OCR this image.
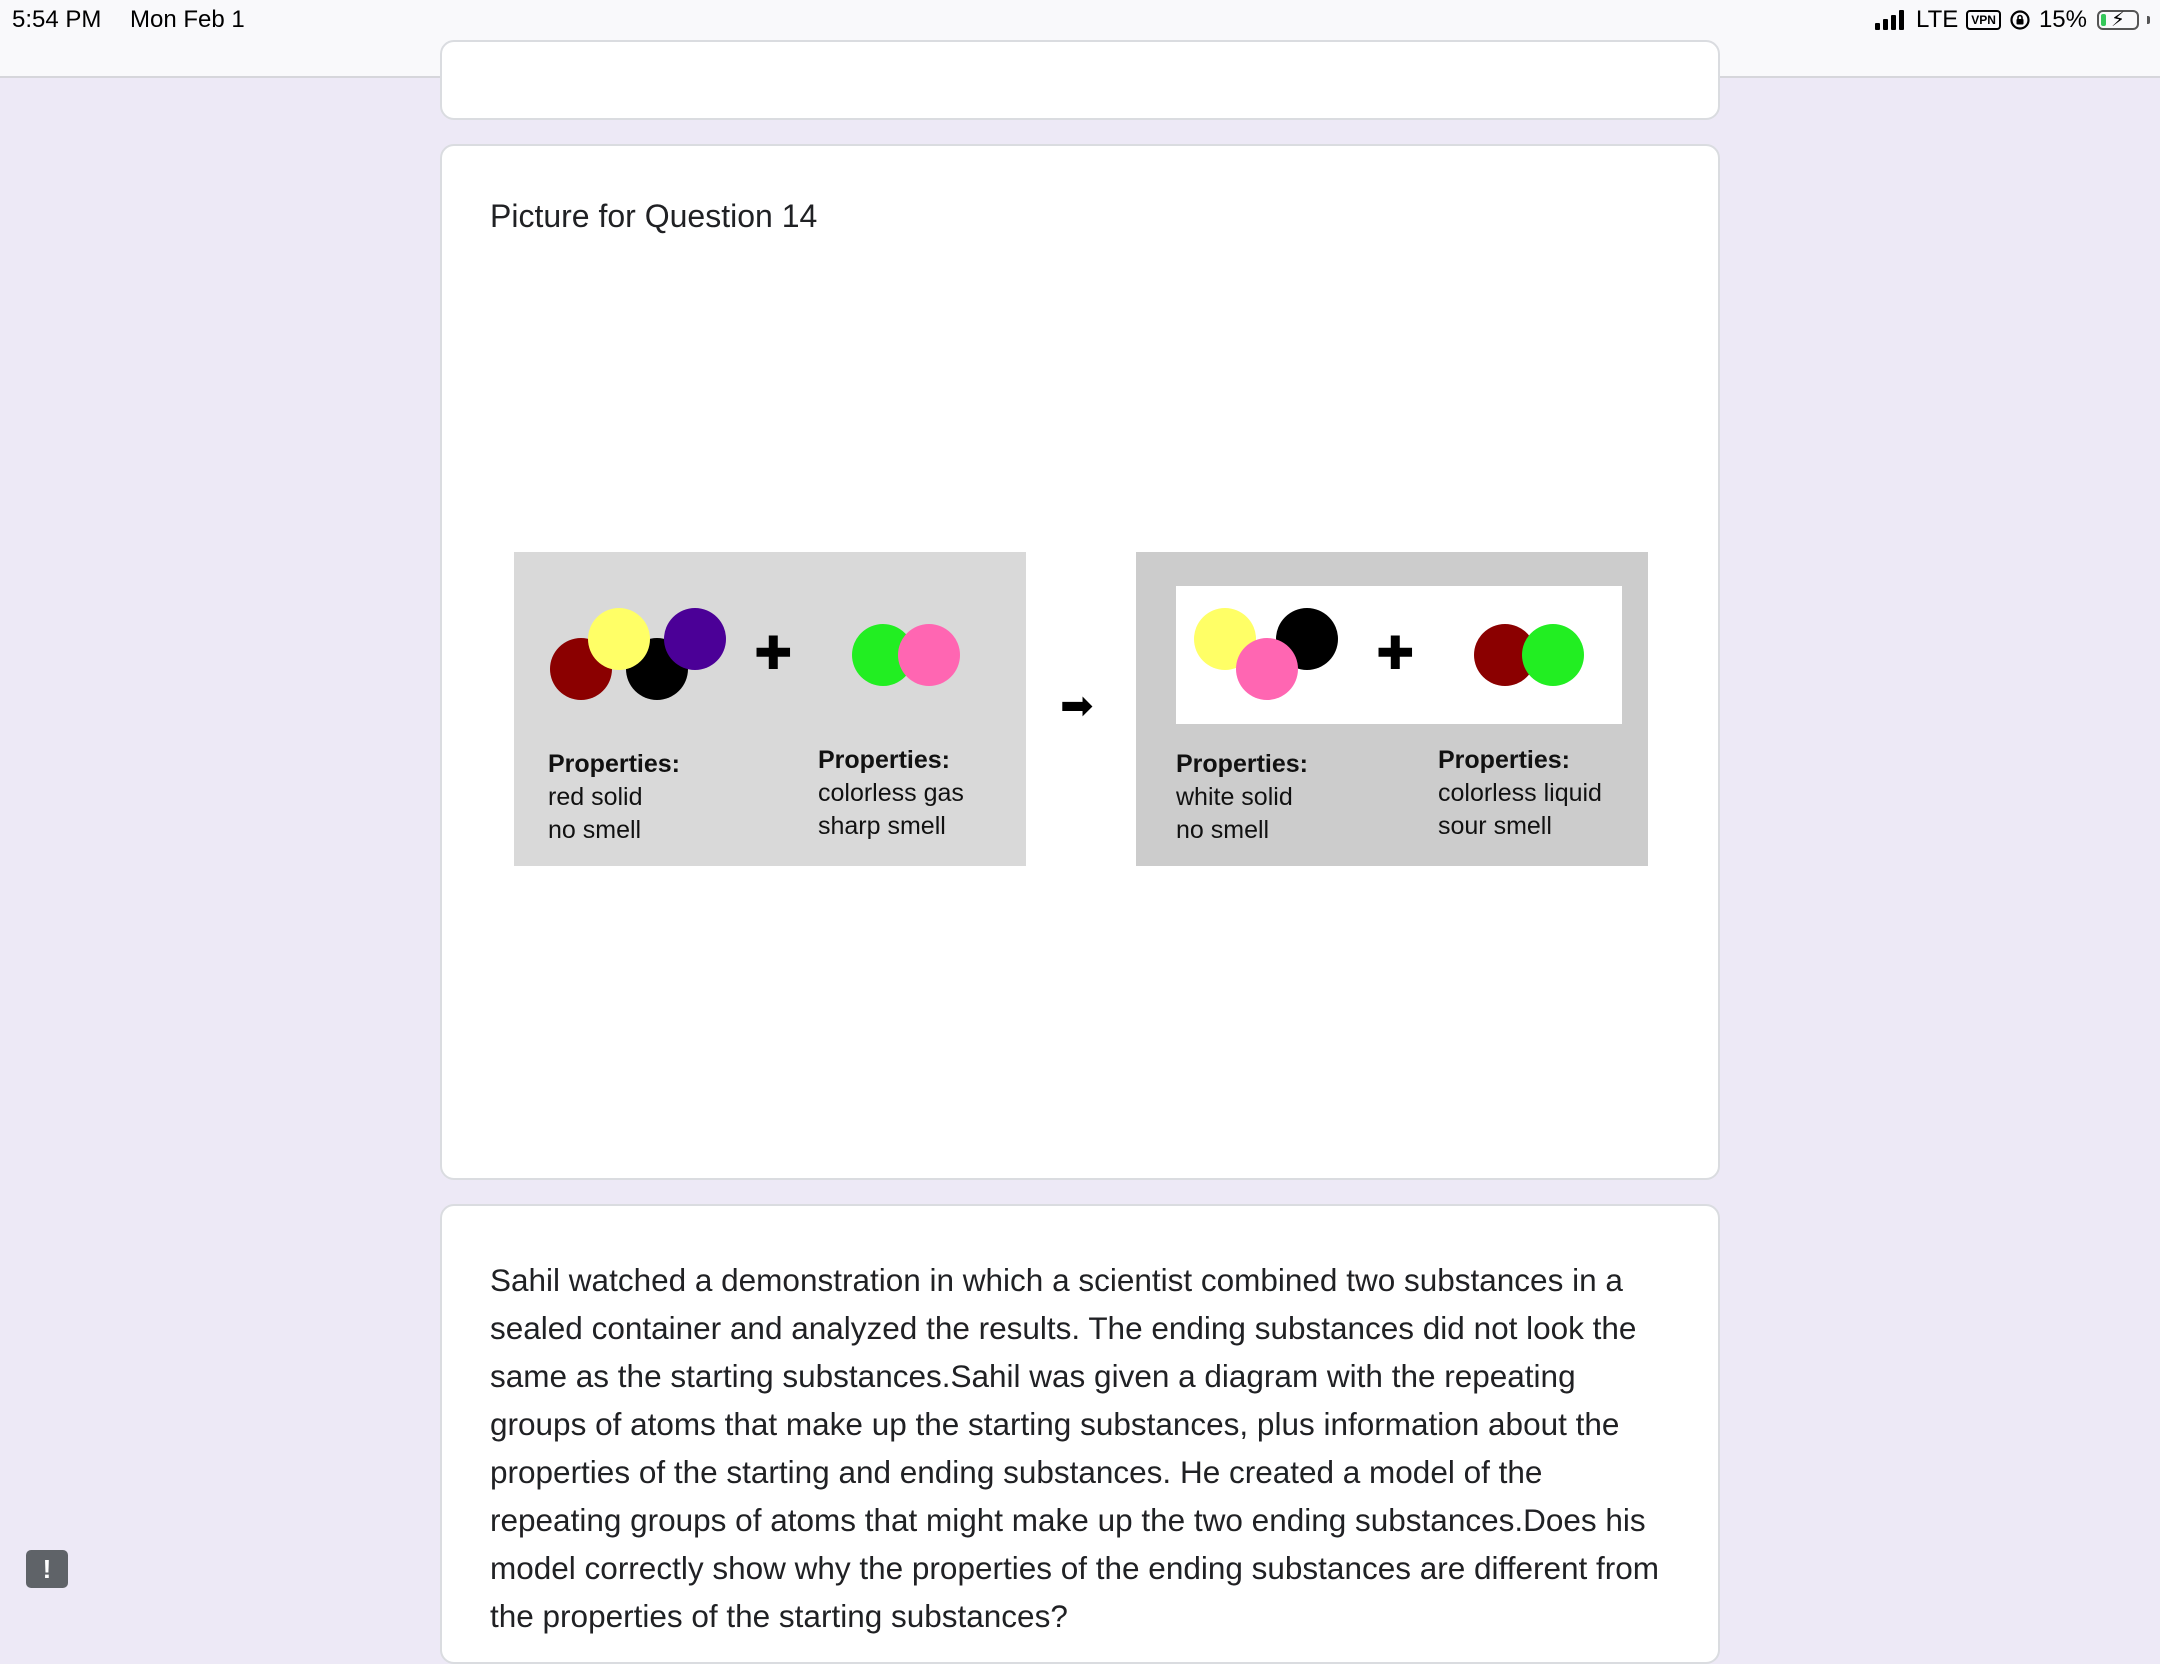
5:54 PM Mon Feb 1	LTE	VPN 15% ⚡
Picture for Question 14
✚
Properties:
red solid
no smell
Properties:
colorless gas
sharp smell
➡
✚
Properties:
white solid
no smell
Properties:
colorless liquid
sour smell
Sahil watched a demonstration in which a scientist combined two substances in a sealed container and analyzed the results. The ending substances did not look the same as the starting substances.Sahil was given a diagram with the repeating groups of atoms that make up the starting substances, plus information about the properties of the starting and ending substances. He created a model of the repeating groups of atoms that might make up the two ending substances.Does his model correctly show why the properties of the ending substances are different from the properties of the starting substances?
!
